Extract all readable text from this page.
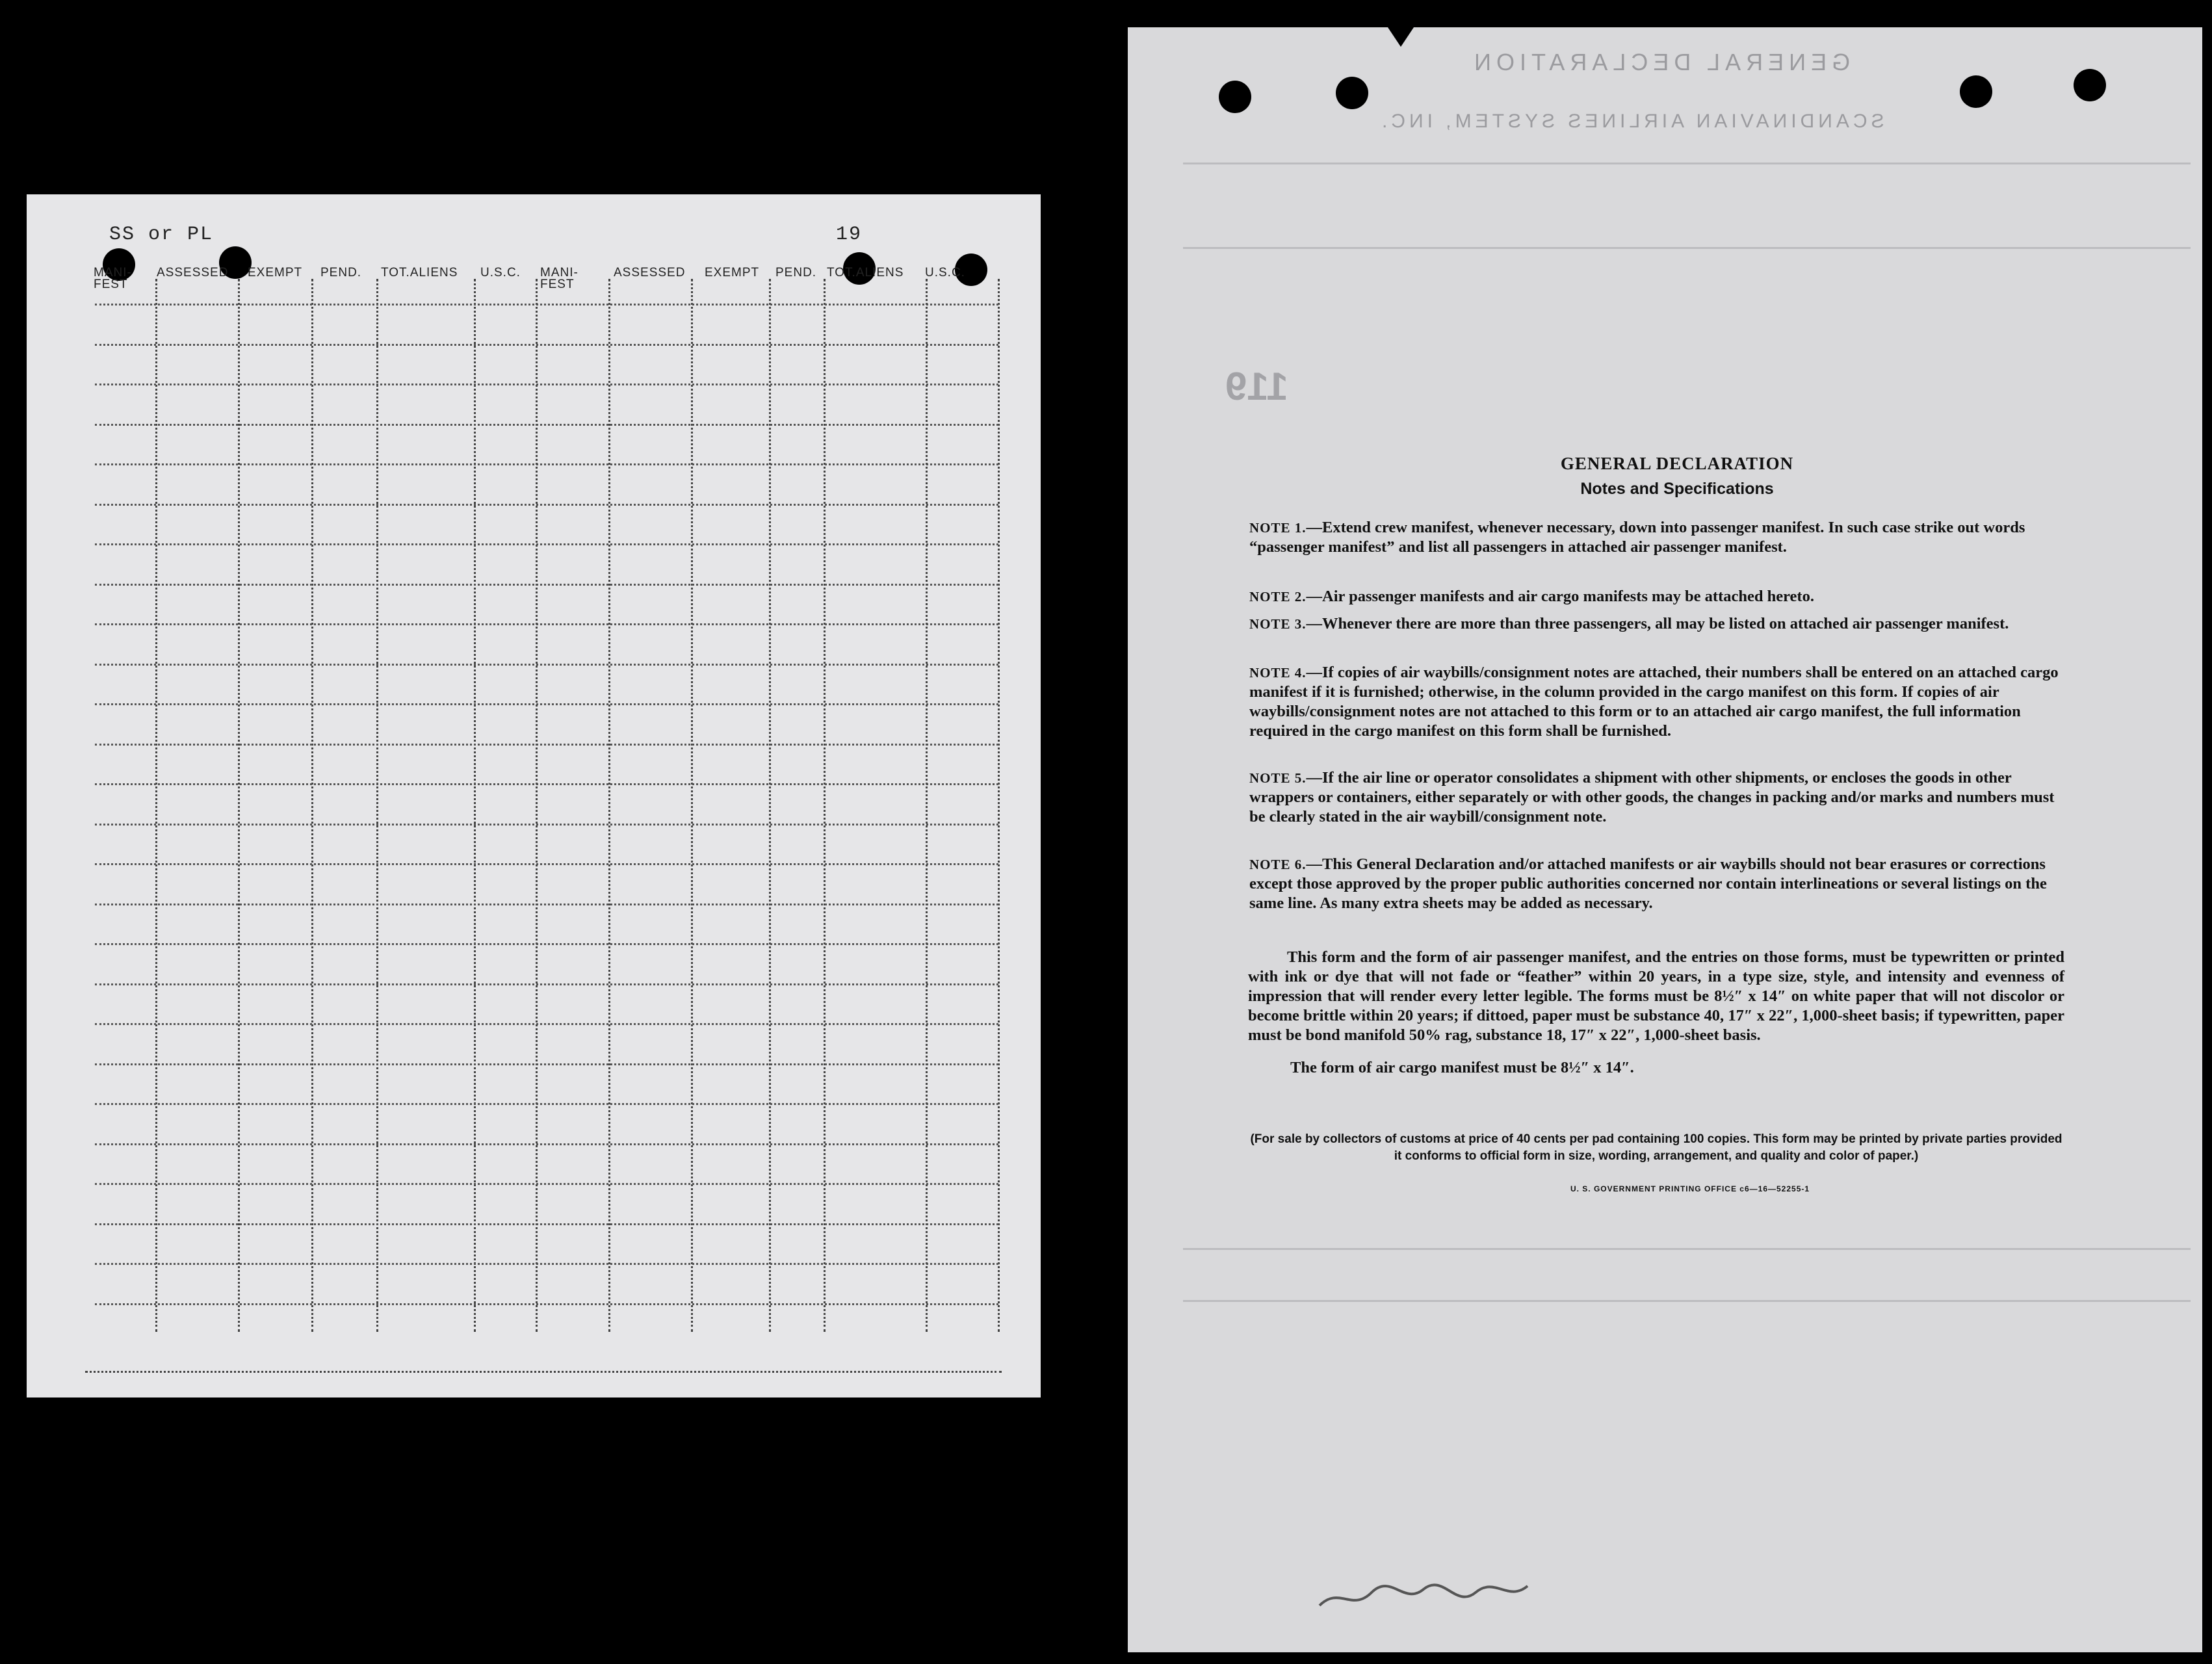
SS or PL	19
MANI-
FEST
ASSESSED EXEMPT PEND. TOT.ALIENS U.S.C. MANI-
FEST
ASSESSED EXEMPT PEND. TOT.ALIENS U.S.C.
GENERAL DECLARATION
SCANDINAVIAN AIRLINES SYSTEM, INC.
119
GENERAL DECLARATION
Notes and Specifications
NOTE 1.—Extend crew manifest, whenever necessary, down into passenger manifest. In such case strike out words “passenger manifest” and list all passengers in attached air passenger manifest.
NOTE 2.—Air passenger manifests and air cargo manifests may be attached hereto.
NOTE 3.—Whenever there are more than three passengers, all may be listed on attached air passenger manifest.
NOTE 4.—If copies of air waybills/consignment notes are attached, their numbers shall be entered on an attached cargo manifest if it is furnished; otherwise, in the column provided in the cargo manifest on this form. If copies of air waybills/consignment notes are not attached to this form or to an attached air cargo manifest, the full information required in the cargo manifest on this form shall be furnished.
NOTE 5.—If the air line or operator consolidates a shipment with other shipments, or encloses the goods in other wrappers or containers, either separately or with other goods, the changes in packing and/or marks and numbers must be clearly stated in the air waybill/consignment note.
NOTE 6.—This General Declaration and/or attached manifests or air waybills should not bear erasures or corrections except those approved by the proper public authorities concerned nor contain interlineations or several listings on the same line. As many extra sheets may be added as necessary.
This form and the form of air passenger manifest, and the entries on those forms, must be typewritten or printed with ink or dye that will not fade or “feather” within 20 years, in a type size, style, and intensity and evenness of impression that will render every letter legible. The forms must be 8½″ x 14″ on white paper that will not discolor or become brittle within 20 years; if dittoed, paper must be substance 40, 17″ x 22″, 1,000-sheet basis; if typewritten, paper must be bond manifold 50% rag, substance 18, 17″ x 22″, 1,000-sheet basis.
The form of air cargo manifest must be 8½″ x 14″.
(For sale by collectors of customs at price of 40 cents per pad containing 100 copies. This form may be printed by private parties provided it conforms to official form in size, wording, arrangement, and quality and color of paper.)
U. S. GOVERNMENT PRINTING OFFICE c6—16—52255-1
